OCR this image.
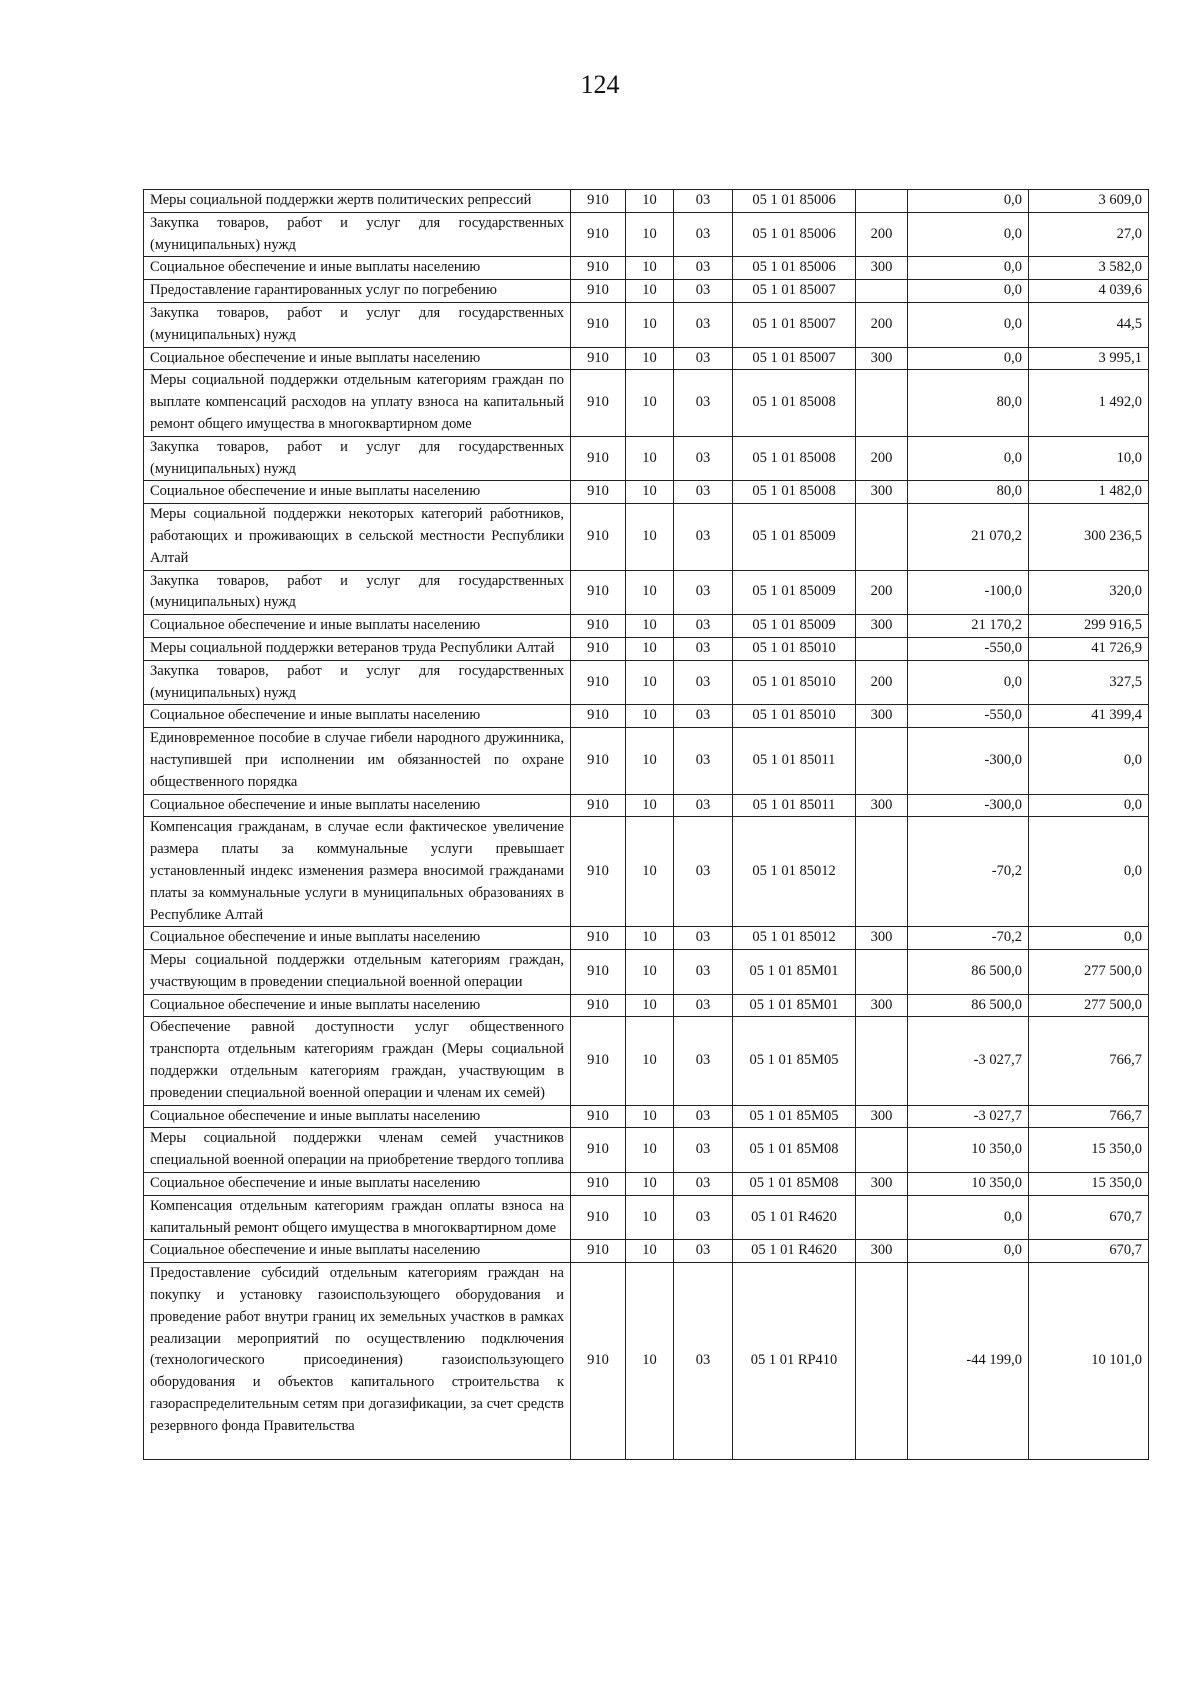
124
Меры социальной поддержки жертв политических репрессий	910	10	03	05 1 01 85006		0,0	3 609,0
Закупка товаров, работ и услуг для государственных (муниципальных) нужд	910	10	03	05 1 01 85006	200	0,0	27,0
Социальное обеспечение и иные выплаты населению	910	10	03	05 1 01 85006	300	0,0	3 582,0
Предоставление гарантированных услуг по погребению	910	10	03	05 1 01 85007		0,0	4 039,6
Закупка товаров, работ и услуг для государственных (муниципальных) нужд	910	10	03	05 1 01 85007	200	0,0	44,5
Социальное обеспечение и иные выплаты населению	910	10	03	05 1 01 85007	300	0,0	3 995,1
Меры социальной поддержки отдельным категориям граждан по выплате компенсаций расходов на уплату взноса на капитальный ремонт общего имущества в многоквартирном доме	910	10	03	05 1 01 85008		80,0	1 492,0
Закупка товаров, работ и услуг для государственных (муниципальных) нужд	910	10	03	05 1 01 85008	200	0,0	10,0
Социальное обеспечение и иные выплаты населению	910	10	03	05 1 01 85008	300	80,0	1 482,0
Меры социальной поддержки некоторых категорий работников, работающих и проживающих в сельской местности Республики Алтай	910	10	03	05 1 01 85009		21 070,2	300 236,5
Закупка товаров, работ и услуг для государственных (муниципальных) нужд	910	10	03	05 1 01 85009	200	-100,0	320,0
Социальное обеспечение и иные выплаты населению	910	10	03	05 1 01 85009	300	21 170,2	299 916,5
Меры социальной поддержки ветеранов труда Республики Алтай	910	10	03	05 1 01 85010		-550,0	41 726,9
Закупка товаров, работ и услуг для государственных (муниципальных) нужд	910	10	03	05 1 01 85010	200	0,0	327,5
Социальное обеспечение и иные выплаты населению	910	10	03	05 1 01 85010	300	-550,0	41 399,4
Единовременное пособие в случае гибели народного дружинника, наступившей при исполнении им обязанностей по охране общественного порядка	910	10	03	05 1 01 85011		-300,0	0,0
Социальное обеспечение и иные выплаты населению	910	10	03	05 1 01 85011	300	-300,0	0,0
Компенсация гражданам, в случае если фактическое увеличение размера платы за коммунальные услуги превышает установленный индекс изменения размера вносимой гражданами платы за коммунальные услуги в муниципальных образованиях в Республике Алтай	910	10	03	05 1 01 85012		-70,2	0,0
Социальное обеспечение и иные выплаты населению	910	10	03	05 1 01 85012	300	-70,2	0,0
Меры социальной поддержки отдельным категориям граждан, участвующим в проведении специальной военной операции	910	10	03	05 1 01 85М01		86 500,0	277 500,0
Социальное обеспечение и иные выплаты населению	910	10	03	05 1 01 85М01	300	86 500,0	277 500,0
Обеспечение равной доступности услуг общественного транспорта отдельным категориям граждан (Меры социальной поддержки отдельным категориям граждан, участвующим в проведении специальной военной операции и членам их семей)	910	10	03	05 1 01 85М05		-3 027,7	766,7
Социальное обеспечение и иные выплаты населению	910	10	03	05 1 01 85М05	300	-3 027,7	766,7
Меры социальной поддержки членам семей участников специальной военной операции на приобретение твердого топлива	910	10	03	05 1 01 85М08		10 350,0	15 350,0
Социальное обеспечение и иные выплаты населению	910	10	03	05 1 01 85М08	300	10 350,0	15 350,0
Компенсация отдельным категориям граждан оплаты взноса на капитальный ремонт общего имущества в многоквартирном доме	910	10	03	05 1 01 R4620		0,0	670,7
Социальное обеспечение и иные выплаты населению	910	10	03	05 1 01 R4620	300	0,0	670,7

Предоставление субсидий отдельным категориям граждан на покупку и установку газоиспользующего оборудования и проведение работ внутри границ их земельных участков в рамках реализации мероприятий по осуществлению подключения (технологического присоединения) газоиспользующего оборудования и объектов капитального строительства к газораспределительным сетям при догазификации, за счет средств резервного фонда Правительства	910	10	03	05 1 01 RP410		-44 199,0	10 101,0
